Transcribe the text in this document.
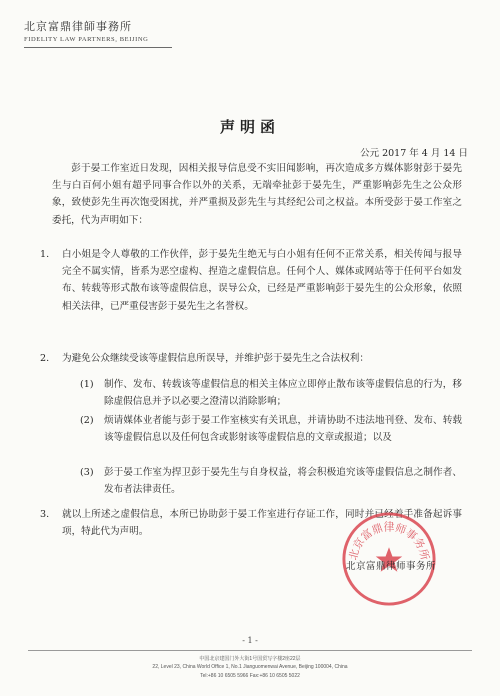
北京富鼎律師事務所
FIDELITY LAW PARTNERS, BEIJING
声明函
公元 2017 年 4 月 14 日
彭于晏工作室近日发现，因相关报导信息受不实旧闻影响，再次造成多方媒体影射彭于晏先生与白百何小姐有超乎同事合作以外的关系，无端牵扯彭于晏先生，严重影响彭先生之公众形象，致使彭先生再次饱受困扰，并严重损及彭先生与其经纪公司之权益。本所受彭于晏工作室之委托，代为声明如下：
1.	白小姐是令人尊敬的工作伙伴，彭于晏先生绝无与白小姐有任何不正常关系，相关传闻与报导完全不属实情，皆系为恶空虚构、捏造之虚假信息。任何个人、媒体或网站等于任何平台如发布、转载等形式散布该等虚假信息，误导公众，已经是严重影响彭于晏先生的公众形象，依照相关法律，已严重侵害彭于晏先生之名誉权。
2.	为避免公众继续受该等虚假信息所误导，并维护彭于晏先生之合法权利：
(1)	制作、发布、转载该等虚假信息的相关主体应立即停止散布该等虚假信息的行为，移除虚假信息并予以必要之澄清以消除影响；
(2)	烦请媒体业者能与彭于晏工作室核实有关讯息，并请协助不违法地刊登、发布、转载该等虚假信息以及任何包含或影射该等虚假信息的文章或报道；以及
(3)	彭于晏工作室为捍卫彭于晏先生与自身权益，将会积极追究该等虚假信息之制作者、发布者法律责任。
3.	就以上所述之虚假信息，本所已协助彭于晏工作室进行存证工作，同时并已经着手准备起诉事项，特此代为声明。
北京富鼎律师事务所
北京富鼎律师事务所
- 1 -
中国北京建国门外大街1号国贸写字楼2座22层
22, Level 23, China World Office 1, No.1 Jianguomenwai Avenue, Beijing 100004, China
Tel:+86 10 6505 5966 Fax:+86 10 6505 5022
